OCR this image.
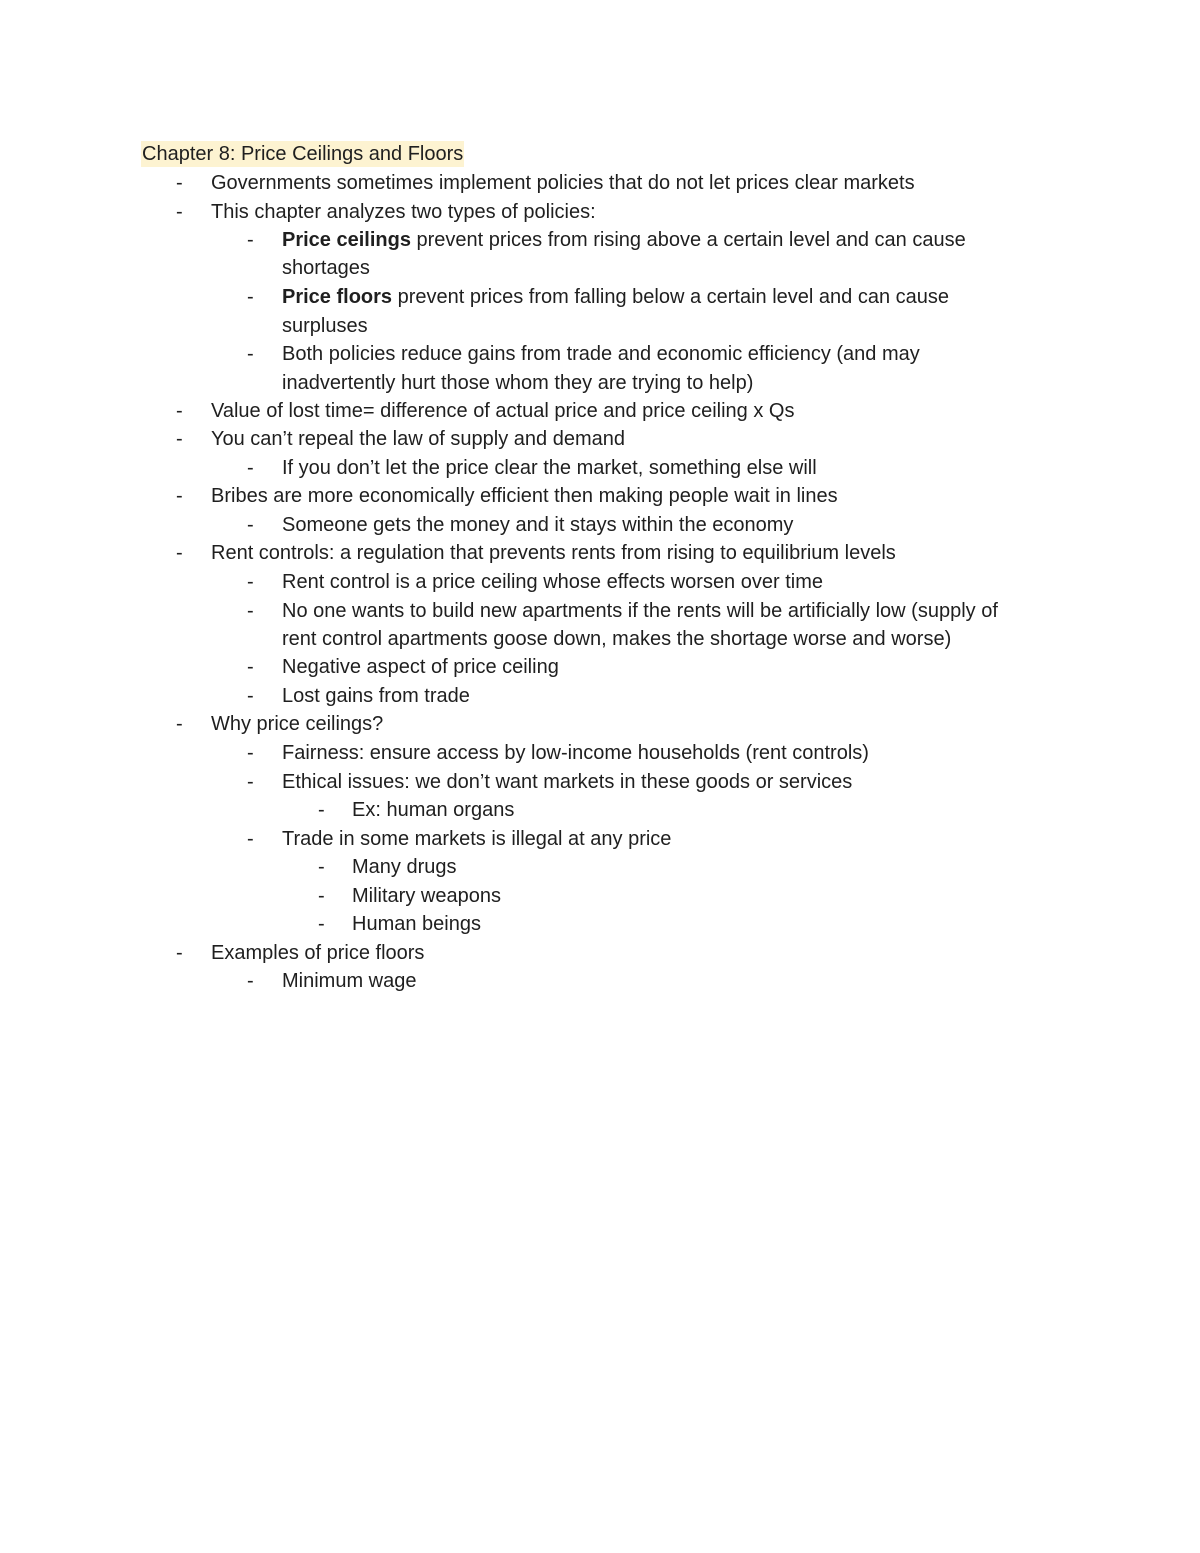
Chapter 8: Price Ceilings and Floors
- Governments sometimes implement policies that do not let prices clear markets
- This chapter analyzes two types of policies:
- Price ceilings prevent prices from rising above a certain level and can cause
shortages
- Price floors prevent prices from falling below a certain level and can cause
surpluses
- Both policies reduce gains from trade and economic efficiency (and may
inadvertently hurt those whom they are trying to help)
- Value of lost time= difference of actual price and price ceiling x Qs
- You can’t repeal the law of supply and demand
- If you don’t let the price clear the market, something else will
- Bribes are more economically efficient then making people wait in lines
- Someone gets the money and it stays within the economy
- Rent controls: a regulation that prevents rents from rising to equilibrium levels
- Rent control is a price ceiling whose effects worsen over time
- No one wants to build new apartments if the rents will be artificially low (supply of
rent control apartments goose down, makes the shortage worse and worse)
- Negative aspect of price ceiling
- Lost gains from trade
- Why price ceilings?
- Fairness: ensure access by low-income households (rent controls)
- Ethical issues: we don’t want markets in these goods or services
- Ex: human organs
- Trade in some markets is illegal at any price
- Many drugs
- Military weapons
- Human beings
- Examples of price floors
- Minimum wage
